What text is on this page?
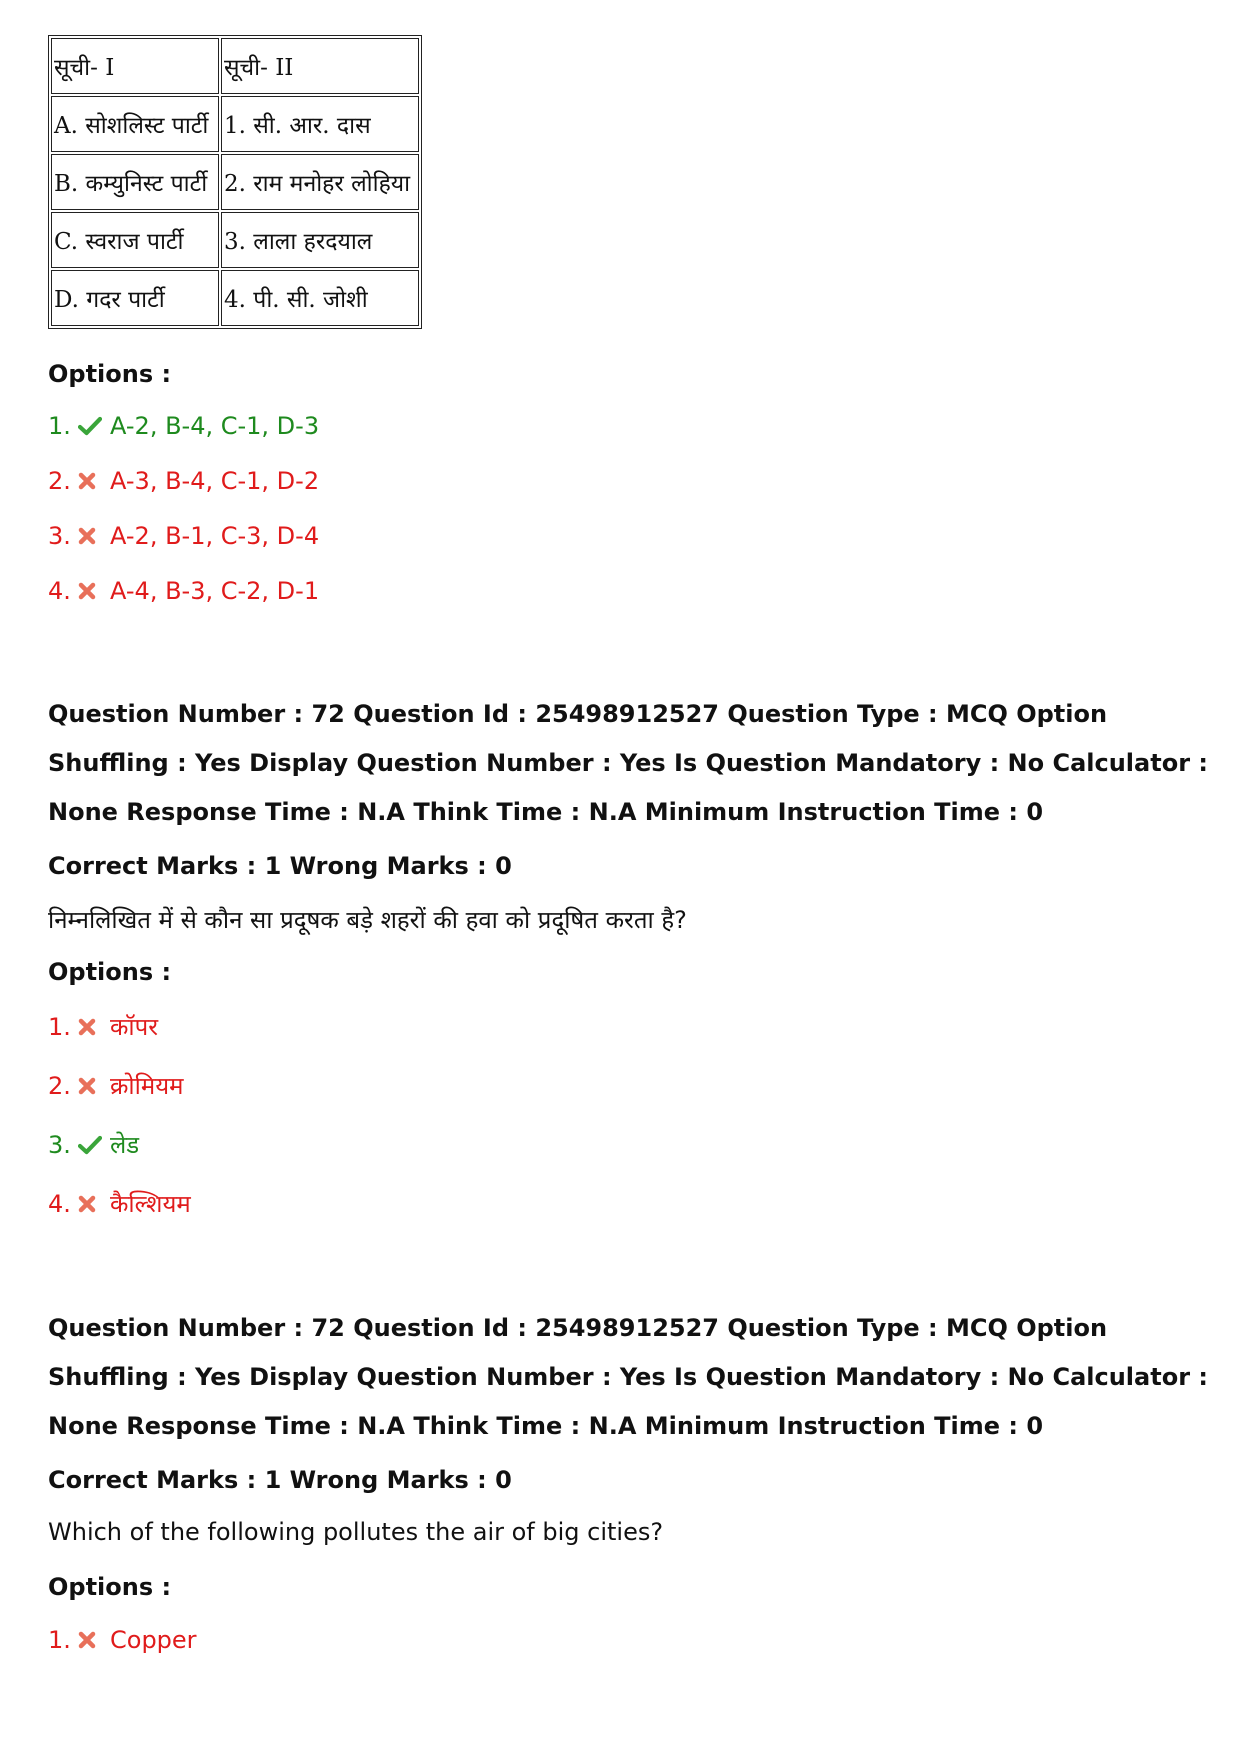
सूची- I	सूची- II
A. सोशलिस्ट पार्टी	1. सी. आर. दास
B. कम्युनिस्ट पार्टी	2. राम मनोहर लोहिया
C. स्वराज पार्टी	3. लाला हरदयाल
D. गदर पार्टी	4. पी. सी. जोशी
Options :
1. A-2, B-4, C-1, D-3
2. A-3, B-4, C-1, D-2
3. A-2, B-1, C-3, D-4
4. A-4, B-3, C-2, D-1
Question Number : 72 Question Id : 25498912527 Question Type : MCQ Option Shuffling : Yes Display Question Number : Yes Is Question Mandatory : No Calculator : None Response Time : N.A Think Time : N.A Minimum Instruction Time : 0
Correct Marks : 1 Wrong Marks : 0
निम्नलिखित में से कौन सा प्रदूषक बड़े शहरों की हवा को प्रदूषित करता है?
Options :
1. कॉपर
2. क्रोमियम
3. लेड
4. कैल्शियम
Question Number : 72 Question Id : 25498912527 Question Type : MCQ Option Shuffling : Yes Display Question Number : Yes Is Question Mandatory : No Calculator : None Response Time : N.A Think Time : N.A Minimum Instruction Time : 0
Correct Marks : 1 Wrong Marks : 0
Which of the following pollutes the air of big cities?
Options :
1. Copper
